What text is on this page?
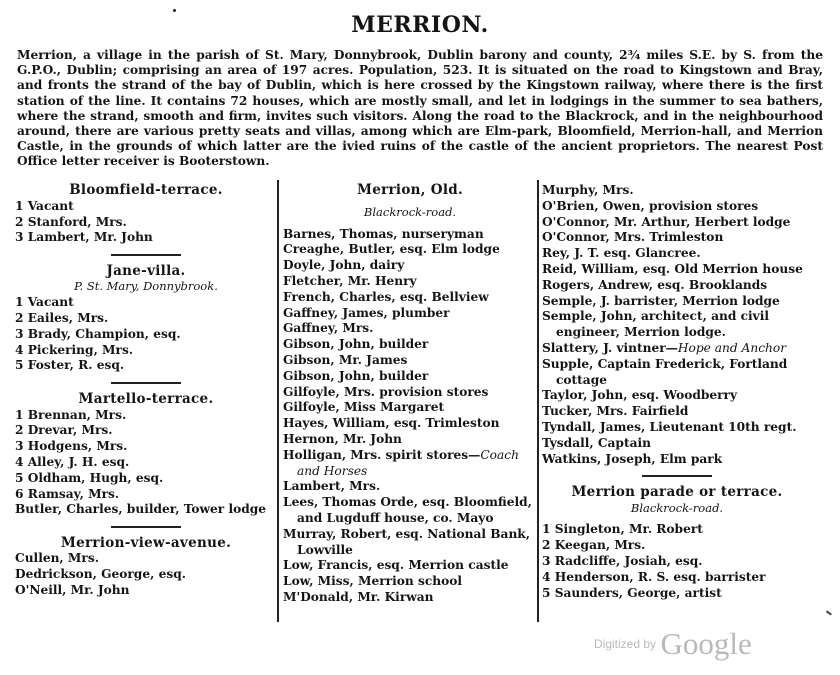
MERRION.
Merrion, a village in the parish of St. Mary, Donnybrook, Dublin barony and county, 2¾ miles S.E. by S. from the G.P.O., Dublin; comprising an area of 197 acres. Population, 523. It is situated on the road to Kingstown and Bray, and fronts the strand of the bay of Dublin, which is here crossed by the Kingstown railway, where there is the first station of the line. It contains 72 houses, which are mostly small, and let in lodgings in the summer to sea bathers, where the strand, smooth and firm, invites such visitors. Along the road to the Blackrock, and in the neighbourhood around, there are various pretty seats and villas, among which are Elm-park, Bloomfield, Merrion-hall, and Merrion Castle, in the grounds of which latter are the ivied ruins of the castle of the ancient proprietors. The nearest Post Office letter receiver is Booterstown.
Bloomfield-terrace.
1 Vacant
2 Stanford, Mrs.
3 Lambert, Mr. John
Jane-villa.
P. St. Mary, Donnybrook.
1 Vacant
2 Eailes, Mrs.
3 Brady, Champion, esq.
4 Pickering, Mrs.
5 Foster, R. esq.
Martello-terrace.
1 Brennan, Mrs.
2 Drevar, Mrs.
3 Hodgens, Mrs.
4 Alley, J. H. esq.
5 Oldham, Hugh, esq.
6 Ramsay, Mrs.
Butler, Charles, builder, Tower lodge
Merrion-view-avenue.
Cullen, Mrs.
Dedrickson, George, esq.
O'Neill, Mr. John
Merrion, Old.
Blackrock-road.
Barnes, Thomas, nurseryman
Creaghe, Butler, esq. Elm lodge
Doyle, John, dairy
Fletcher, Mr. Henry
French, Charles, esq. Bellview
Gaffney, James, plumber
Gaffney, Mrs.
Gibson, John, builder
Gibson, Mr. James
Gibson, John, builder
Gilfoyle, Mrs. provision stores
Gilfoyle, Miss Margaret
Hayes, William, esq. Trimleston
Hernon, Mr. John
Holligan, Mrs. spirit stores—Coach and Horses
Lambert, Mrs.
Lees, Thomas Orde, esq. Bloomfield, and Lugduff house, co. Mayo
Murray, Robert, esq. National Bank, Lowville
Low, Francis, esq. Merrion castle
Low, Miss, Merrion school
M'Donald, Mr. Kirwan
Murphy, Mrs.
O'Brien, Owen, provision stores
O'Connor, Mr. Arthur, Herbert lodge
O'Connor, Mrs. Trimleston
Rey, J. T. esq. Glancree.
Reid, William, esq. Old Merrion house
Rogers, Andrew, esq. Brooklands
Semple, J. barrister, Merrion lodge
Semple, John, architect, and civil engineer, Merrion lodge.
Slattery, J. vintner—Hope and Anchor
Supple, Captain Frederick, Fortland cottage
Taylor, John, esq. Woodberry
Tucker, Mrs. Fairfield
Tyndall, James, Lieutenant 10th regt.
Tysdall, Captain
Watkins, Joseph, Elm park
Merrion parade or terrace.
Blackrock-road.
1 Singleton, Mr. Robert
2 Keegan, Mrs.
3 Radcliffe, Josiah, esq.
4 Henderson, R. S. esq. barrister
5 Saunders, George, artist
Digitized by Google
